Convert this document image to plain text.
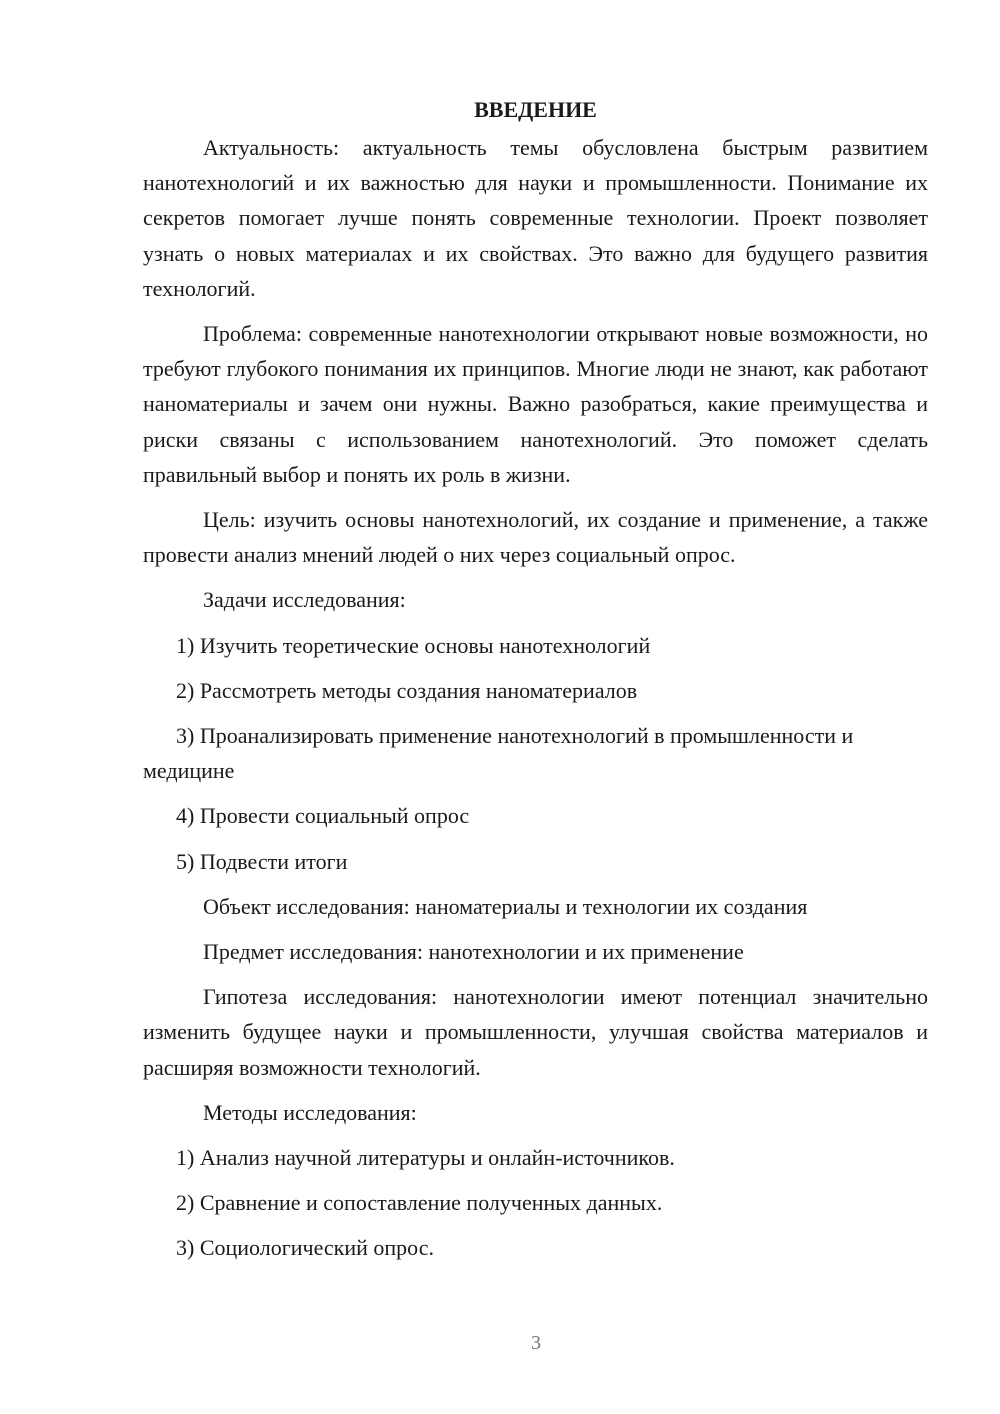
ВВЕДЕНИЕ

Актуальность: актуальность темы обусловлена быстрым развитием нанотехнологий и их важностью для науки и промышленности. Понимание их секретов помогает лучше понять современные технологии. Проект позволяет узнать о новых материалах и их свойствах. Это важно для будущего развития технологий.

Проблема: современные нанотехнологии открывают новые возможности, но требуют глубокого понимания их принципов. Многие люди не знают, как работают наноматериалы и зачем они нужны. Важно разобраться, какие преимущества и риски связаны с использованием нанотехнологий. Это поможет сделать правильный выбор и понять их роль в жизни.

Цель: изучить основы нанотехнологий, их создание и применение, а также провести анализ мнений людей о них через социальный опрос.

Задачи исследования:

1) Изучить теоретические основы нанотехнологий

2) Рассмотреть методы создания наноматериалов

3) Проанализировать применение нанотехнологий в промышленности и медицине

4) Провести социальный опрос

5) Подвести итоги

Объект исследования: наноматериалы и технологии их создания
Предмет исследования: нанотехнологии и их применение

Гипотеза исследования: нанотехнологии имеют потенциал значительно изменить будущее науки и промышленности, улучшая свойства материалов и расширяя возможности технологий.

Методы исследования:

1) Анализ научной литературы и онлайн-источников.

2) Сравнение и сопоставление полученных данных.

3) Социологический опрос.

3
